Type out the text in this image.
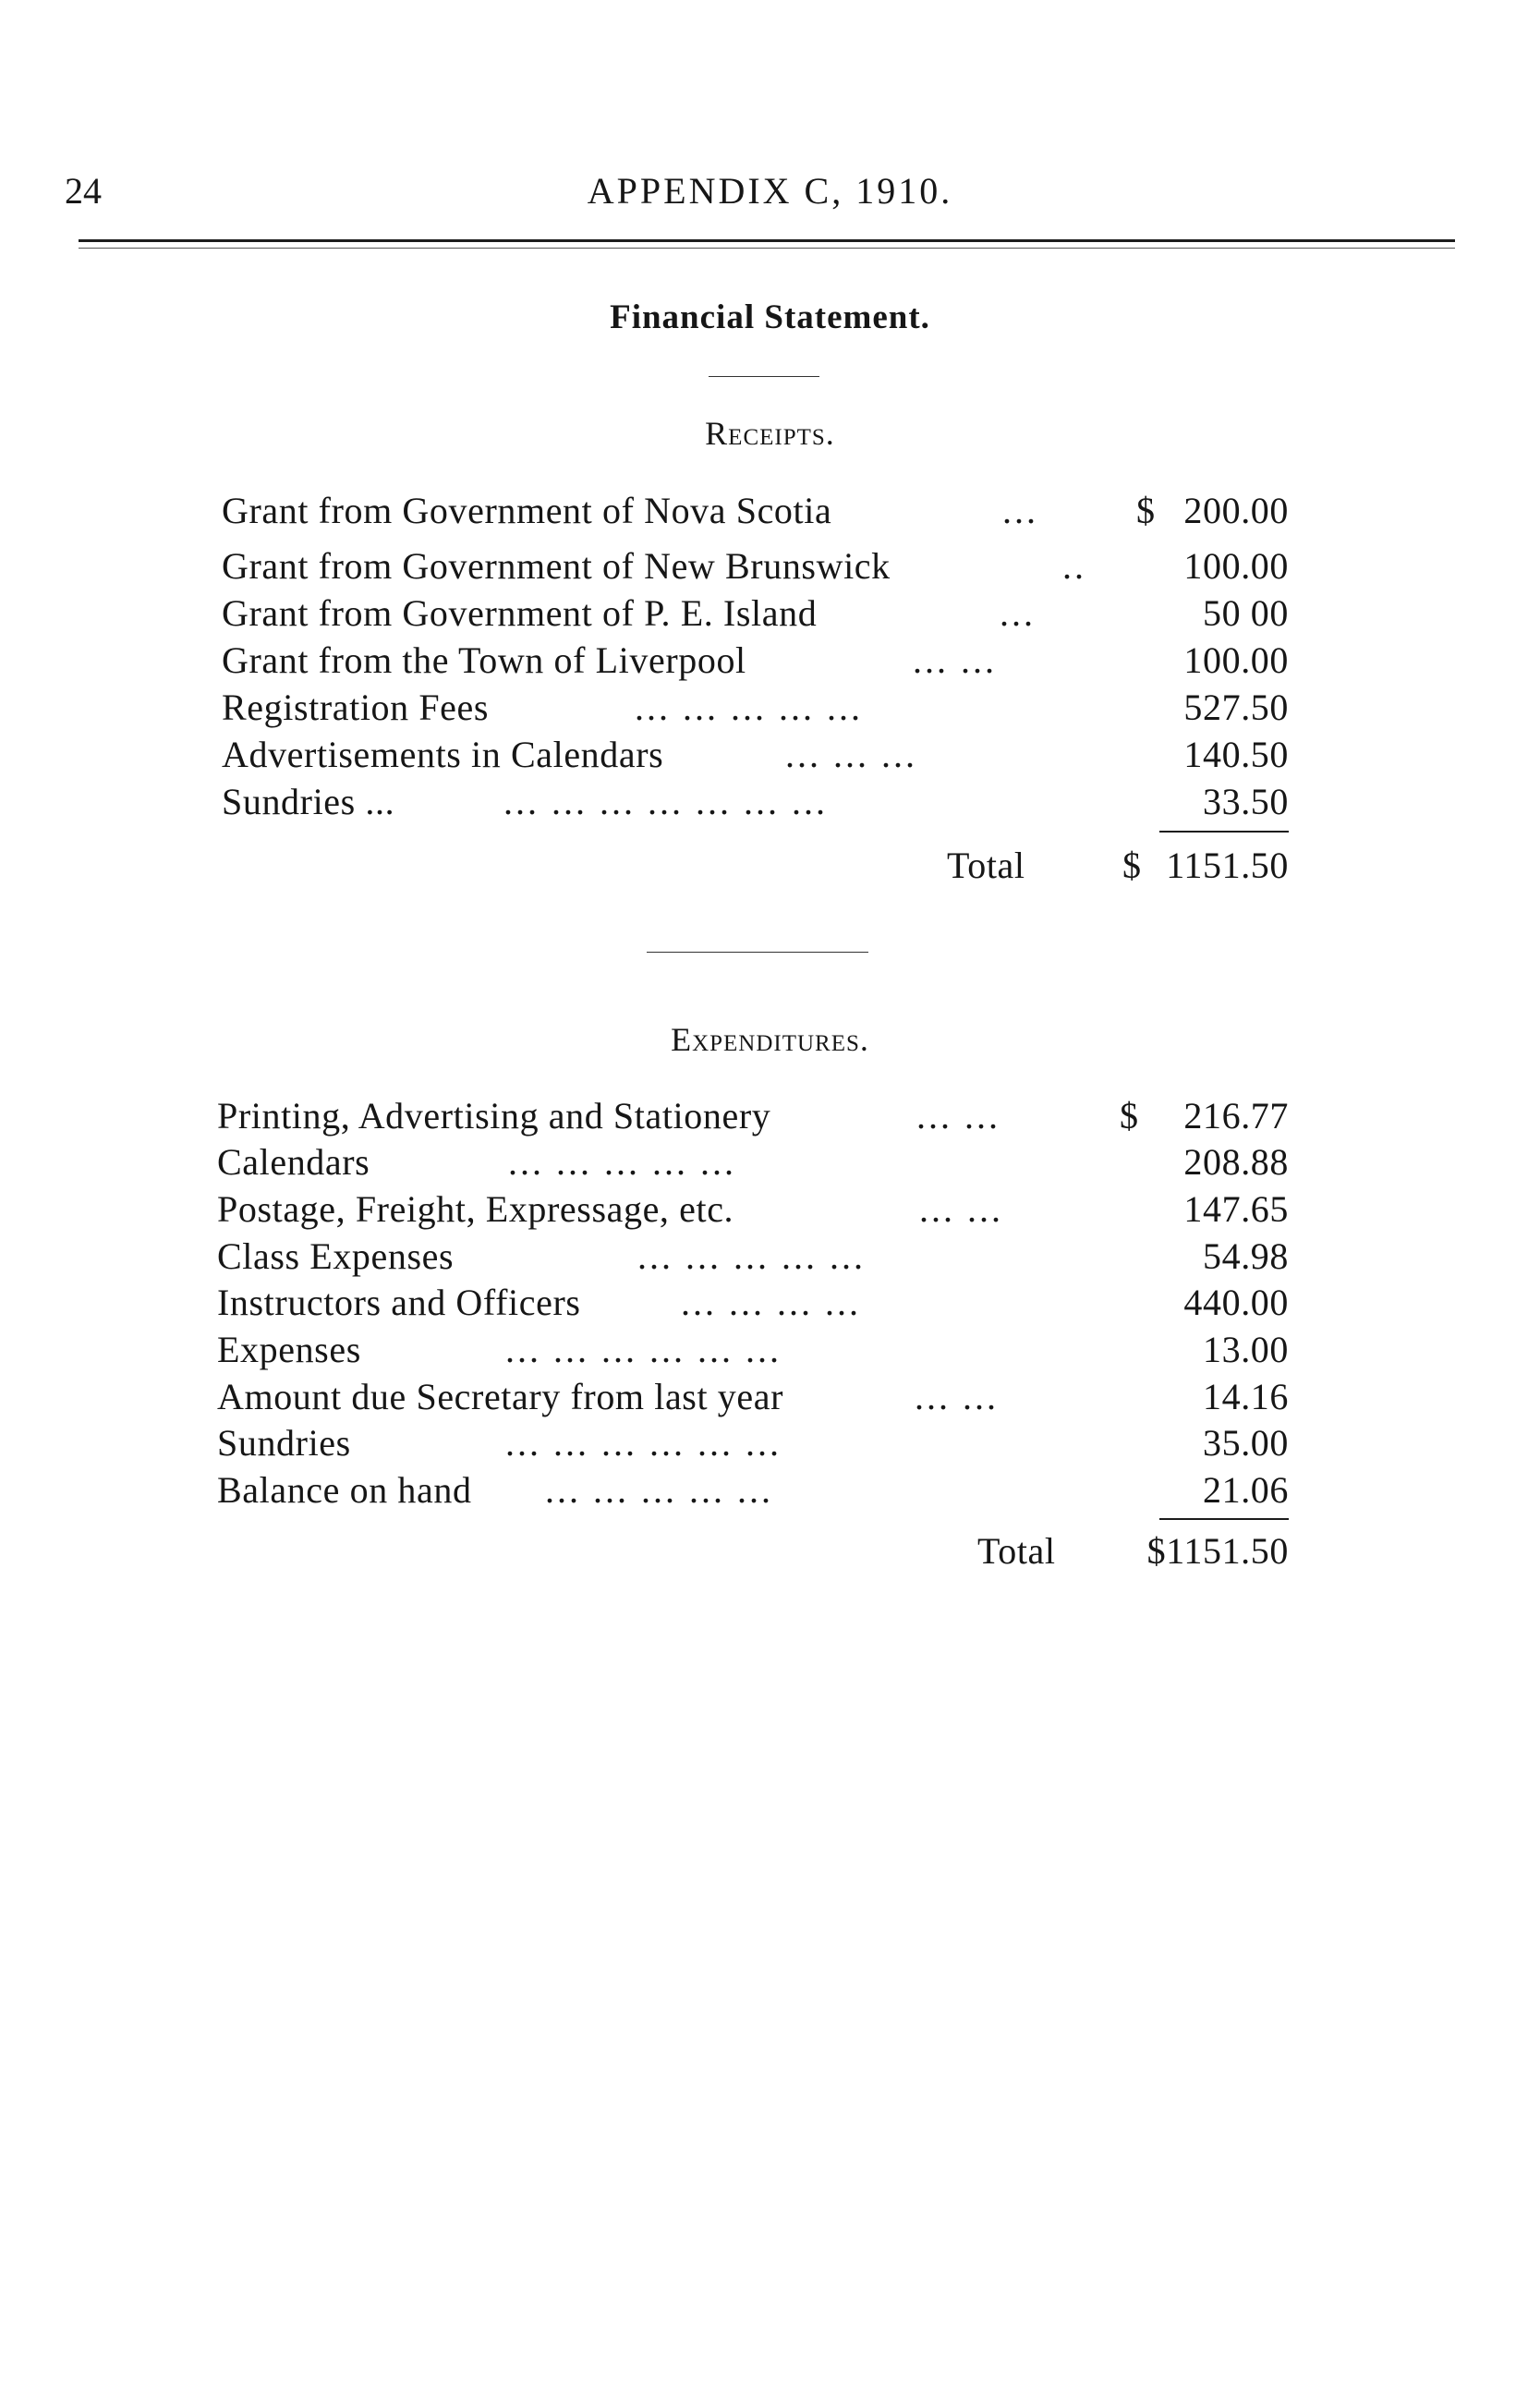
24	APPENDIX C, 1910.
Financial Statement.
Receipts.
Grant from Government of Nova Scotia	...	$ 200.00
Grant from Government of New Brunswick	..	100.00
Grant from Government of P. E. Island	...	50 00
Grant from the Town of Liverpool	... ...	100.00
Registration Fees	... ... ... ... ...	527.50
Advertisements in Calendars	... ... ...	140.50
Sundries ...	... ... ... ... ... ... ...	33.50
Total	$ 1151.50
Expenditures.
Printing, Advertising and Stationery	... ...	$ 216.77
Calendars	... ... ... ... ...	208.88
Postage, Freight, Expressage, etc.	... ...	147.65
Class Expenses	... ... ... ... ...	54.98
Instructors and Officers	... ... ... ...	440.00
Expenses	... ... ... ... ... ...	13.00
Amount due Secretary from last year	... ...	14.16
Sundries	... ... ... ... ... ...	35.00
Balance on hand ... ... ... ... ...	21.06
Total $1151.50
